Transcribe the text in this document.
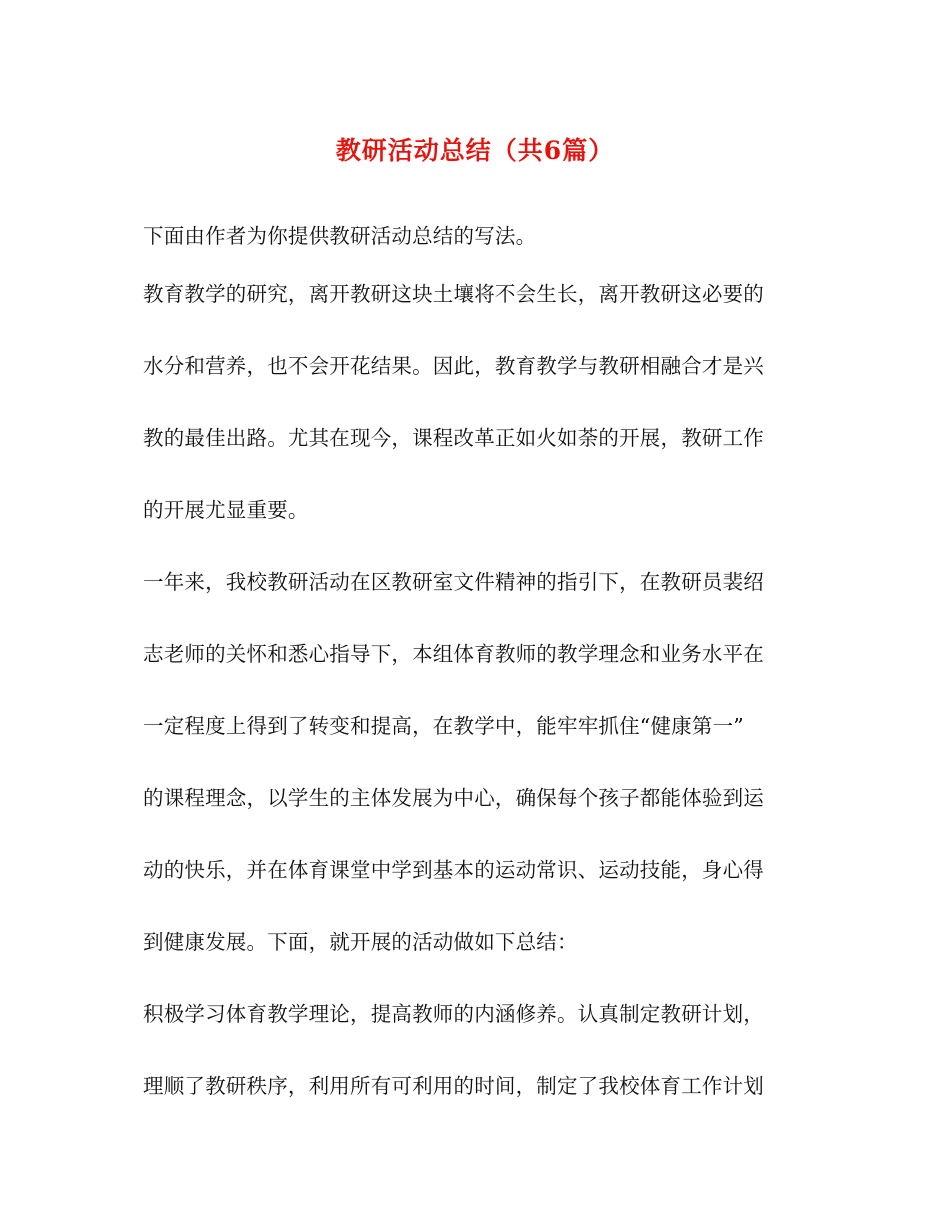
教研活动总结（共6篇）
下面由作者为你提供教研活动总结的写法。
教育教学的研究，离开教研这块土壤将不会生长，离开教研这必要的
水分和营养，也不会开花结果。因此，教育教学与教研相融合才是兴
教的最佳出路。尤其在现今，课程改革正如火如荼的开展，教研工作
的开展尤显重要。
一年来，我校教研活动在区教研室文件精神的指引下，在教研员裴绍
志老师的关怀和悉心指导下，本组体育教师的教学理念和业务水平在
一定程度上得到了转变和提高，在教学中，能牢牢抓住“健康第一”
的课程理念，以学生的主体发展为中心，确保每个孩子都能体验到运
动的快乐，并在体育课堂中学到基本的运动常识、运动技能，身心得
到健康发展。下面，就开展的活动做如下总结：
积极学习体育教学理论，提高教师的内涵修养。认真制定教研计划，
理顺了教研秩序，利用所有可利用的时间，制定了我校体育工作计划
